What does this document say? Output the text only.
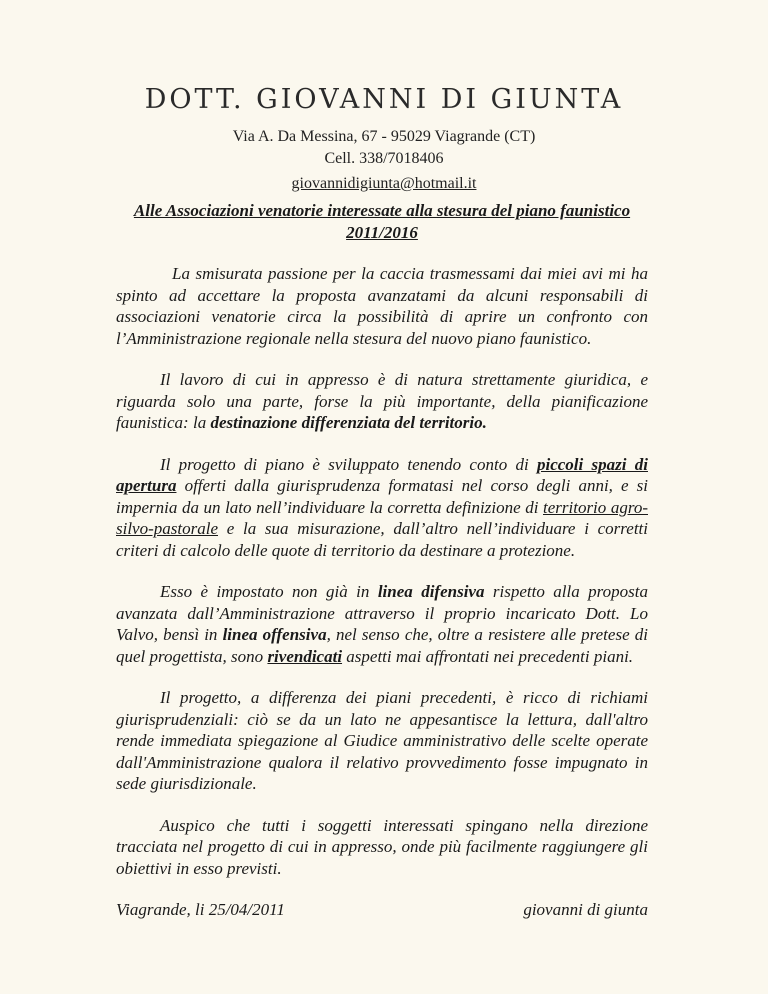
DOTT. GIOVANNI DI GIUNTA
Via A. Da Messina, 67 - 95029 Viagrande (CT)
Cell. 338/7018406
giovannidigiunta@hotmail.it
Alle Associazioni venatorie interessate alla stesura del piano faunistico
2011/2016

La smisurata passione per la caccia trasmessami dai miei avi mi ha spinto ad accettare la proposta avanzatami da alcuni responsabili di associazioni venatorie circa la possibilità di aprire un confronto con l’Amministrazione regionale nella stesura del nuovo piano faunistico.

Il lavoro di cui in appresso è di natura strettamente giuridica, e riguarda solo una parte, forse la più importante, della pianificazione faunistica: la destinazione differenziata del territorio.

Il progetto di piano è sviluppato tenendo conto di piccoli spazi di apertura offerti dalla giurisprudenza formatasi nel corso degli anni, e si impernia da un lato nell’individuare la corretta definizione di territorio agro-silvo-pastorale e la sua misurazione, dall’altro nell’individuare i corretti criteri di calcolo delle quote di territorio da destinare a protezione.

Esso è impostato non già in linea difensiva rispetto alla proposta avanzata dall’Amministrazione attraverso il proprio incaricato Dott. Lo Valvo, bensì in linea offensiva, nel senso che, oltre a resistere alle pretese di quel progettista, sono rivendicati aspetti mai affrontati nei precedenti piani.

Il progetto, a differenza dei piani precedenti, è ricco di richiami giurisprudenziali: ciò se da un lato ne appesantisce la lettura, dall'altro rende immediata spiegazione al Giudice amministrativo delle scelte operate dall'Amministrazione qualora il relativo provvedimento fosse impugnato in sede giurisdizionale.

Auspico che tutti i soggetti interessati spingano nella direzione tracciata nel progetto di cui in appresso, onde più facilmente raggiungere gli obiettivi in esso previsti.

Viagrande, li 25/04/2011	giovanni di giunta
